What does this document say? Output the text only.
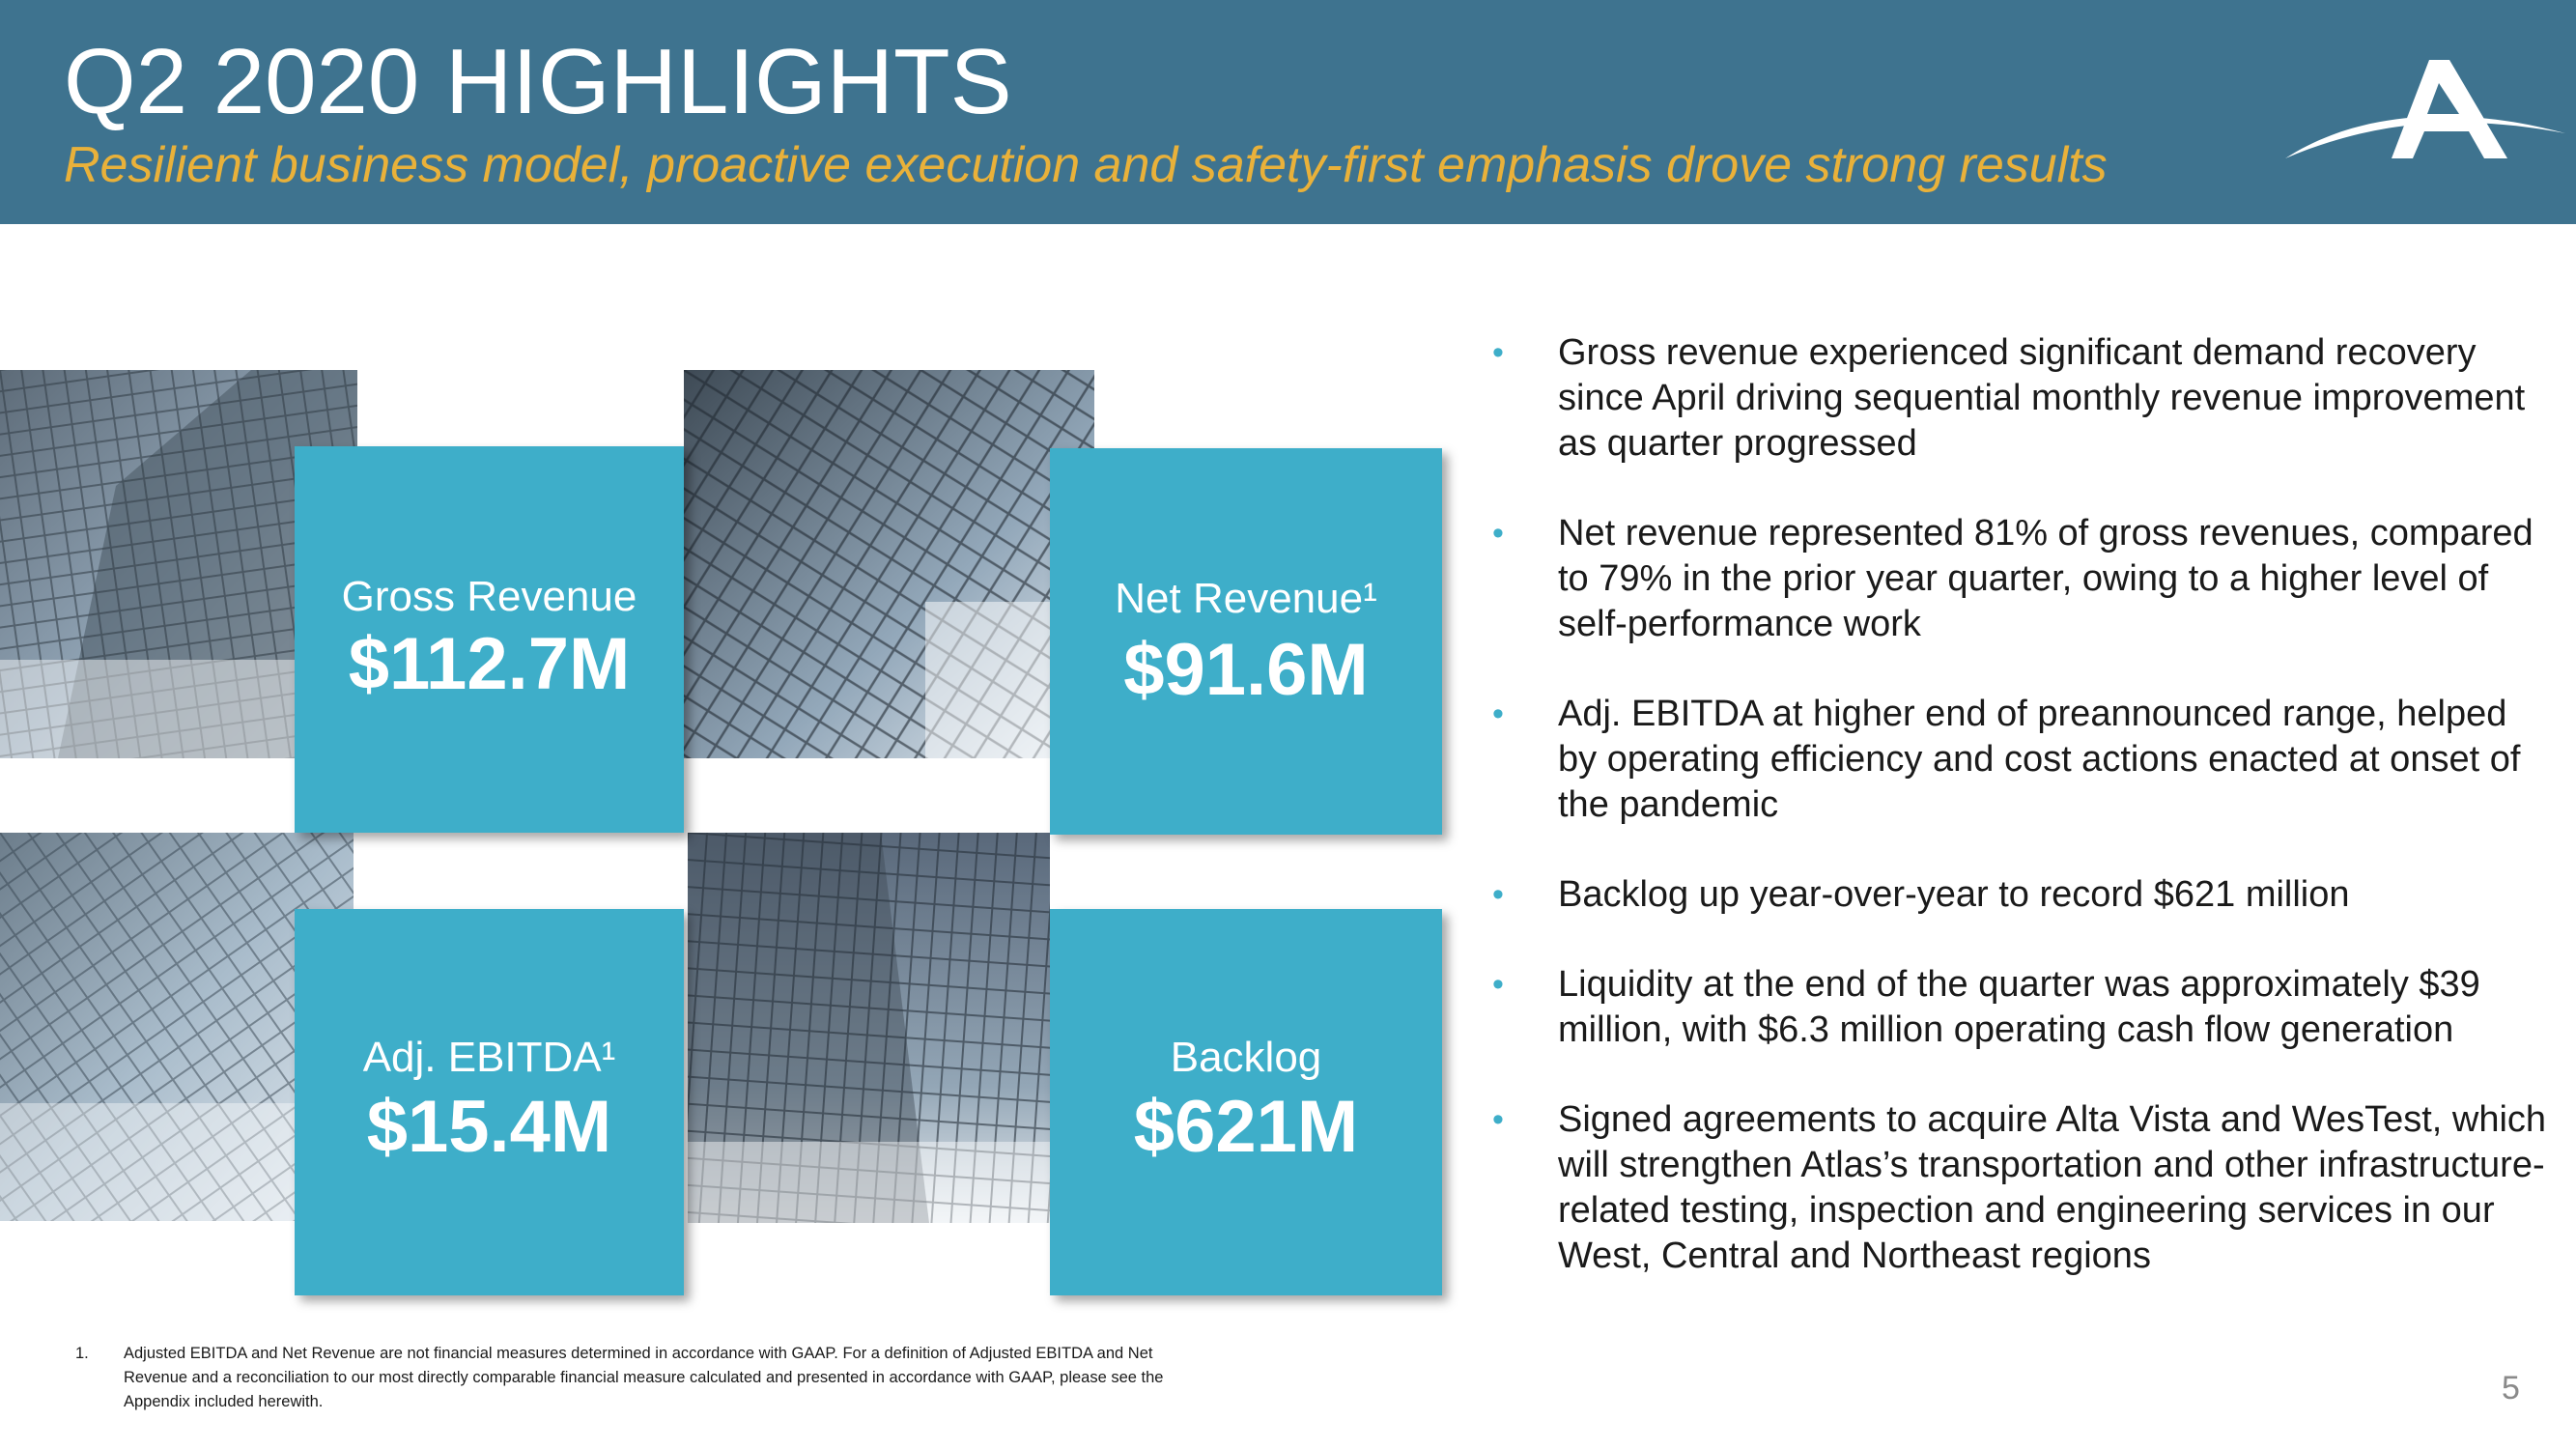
Q2 2020 HIGHLIGHTS
Resilient business model, proactive execution and safety-first emphasis drove strong results
Gross Revenue
$112.7M
Net Revenue¹
$91.6M
Adj. EBITDA¹
$15.4M
Backlog
$621M
• Gross revenue experienced significant demand recovery since April driving sequential monthly revenue improvement as quarter progressed
• Net revenue represented 81% of gross revenues, compared to 79% in the prior year quarter, owing to a higher level of self-performance work
• Adj. EBITDA at higher end of preannounced range, helped by operating efficiency and cost actions enacted at onset of the pandemic
• Backlog up year-over-year to record $621 million
• Liquidity at the end of the quarter was approximately $39 million, with $6.3 million operating cash flow generation
• Signed agreements to acquire Alta Vista and WesTest, which will strengthen Atlas’s transportation and other infrastructure-related testing, inspection and engineering services in our West, Central and Northeast regions
1. Adjusted EBITDA and Net Revenue are not financial measures determined in accordance with GAAP. For a definition of Adjusted EBITDA and Net Revenue and a reconciliation to our most directly comparable financial measure calculated and presented in accordance with GAAP, please see the Appendix included herewith.	5
